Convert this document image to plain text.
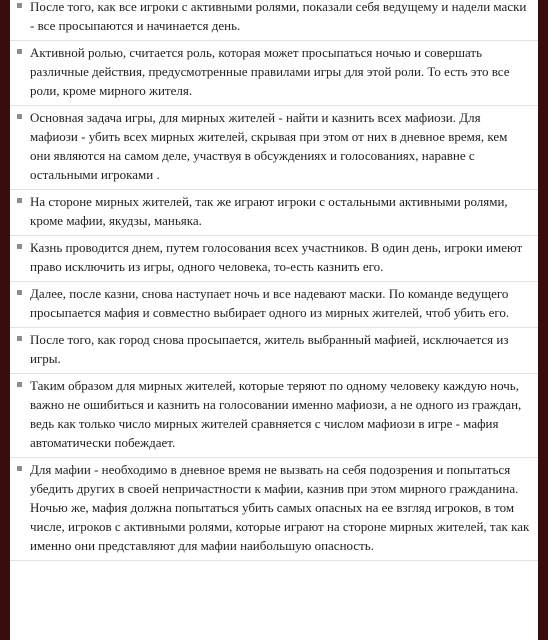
После того, как все игроки с активными ролями, показали себя ведущему и надели маски - все просыпаются и начинается день.
Активной ролью, считается роль, которая может просыпаться ночью и совершать различные действия, предусмотренные правилами игры для этой роли. То есть это все роли, кроме мирного жителя.
Основная задача игры, для мирных жителей - найти и казнить всех мафиози. Для мафиози - убить всех мирных жителей, скрывая при этом от них в дневное время, кем они являются на самом деле, участвуя в обсуждениях и голосованиях, наравне с остальными игроками .
На стороне мирных жителей, так же играют игроки с остальными активными ролями, кроме мафии, якудзы, маньяка.
Казнь проводится днем, путем голосования всех участников. В один день, игроки имеют право исключить из игры, одного человека, то-есть казнить его.
Далее, после казни, снова наступает ночь и все надевают маски. По команде ведущего просыпается мафия и совместно выбирает одного из мирных жителей, чтоб убить его.
После того, как город снова просыпается, житель выбранный мафией, исключается из игры.
Таким образом для мирных жителей, которые теряют по одному человеку каждую ночь, важно не ошибиться и казнить на голосовании именно мафиози, а не одного из граждан, ведь как только число мирных жителей сравняется с числом мафиози в игре - мафия автоматически побеждает.
Для мафии - необходимо в дневное время не вызвать на себя подозрения и попытаться убедить других в своей непричастности к мафии, казнив при этом мирного гражданина. Ночью же, мафия должна попытаться убить самых опасных на ее взгляд игроков, в том числе, игроков с активными ролями, которые играют на стороне мирных жителей, так как именно они представляют для мафии наибольшую опасность.
